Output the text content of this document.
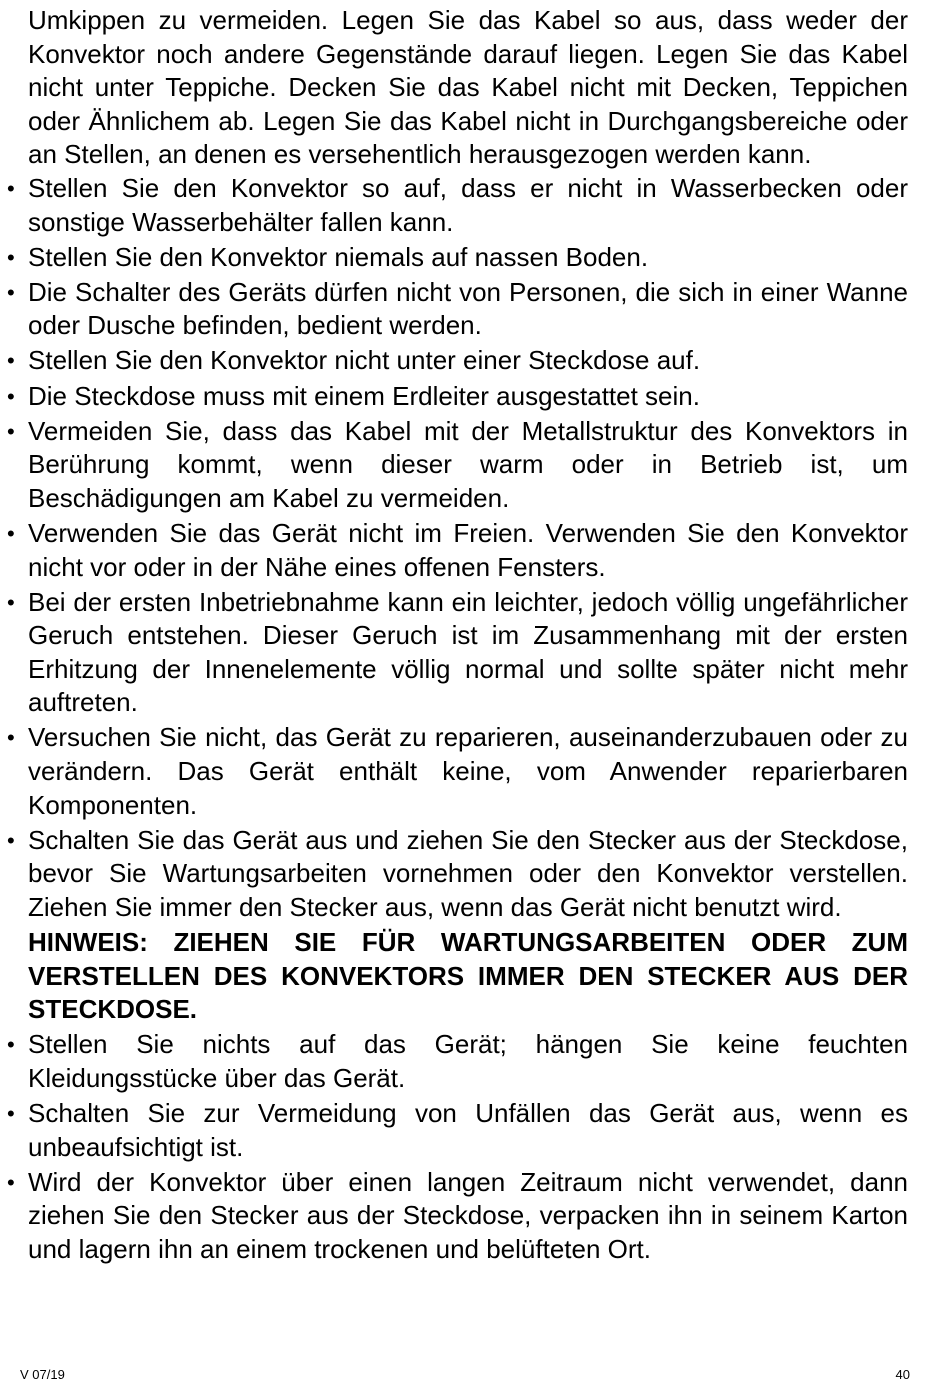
Umkippen zu vermeiden. Legen Sie das Kabel so aus, dass weder der Konvektor noch andere Gegenstände darauf liegen. Legen Sie das Kabel nicht unter Teppiche. Decken Sie das Kabel nicht mit Decken, Teppichen oder Ähnlichem ab. Legen Sie das Kabel nicht in Durchgangsbereiche oder an Stellen, an denen es versehentlich herausgezogen werden kann.

• Stellen Sie den Konvektor so auf, dass er nicht in Wasserbecken oder sonstige Wasserbehälter fallen kann.
• Stellen Sie den Konvektor niemals auf nassen Boden.
• Die Schalter des Geräts dürfen nicht von Personen, die sich in einer Wanne oder Dusche befinden, bedient werden.
• Stellen Sie den Konvektor nicht unter einer Steckdose auf.
• Die Steckdose muss mit einem Erdleiter ausgestattet sein.
• Vermeiden Sie, dass das Kabel mit der Metallstruktur des Konvektors in Berührung kommt, wenn dieser warm oder in Betrieb ist, um Beschädigungen am Kabel zu vermeiden.
• Verwenden Sie das Gerät nicht im Freien. Verwenden Sie den Konvektor nicht vor oder in der Nähe eines offenen Fensters.
• Bei der ersten Inbetriebnahme kann ein leichter, jedoch völlig ungefährlicher Geruch entstehen. Dieser Geruch ist im Zusammenhang mit der ersten Erhitzung der Innenelemente völlig normal und sollte später nicht mehr auftreten.
• Versuchen Sie nicht, das Gerät zu reparieren, auseinanderzubauen oder zu verändern. Das Gerät enthält keine, vom Anwender reparierbaren Komponenten.
• Schalten Sie das Gerät aus und ziehen Sie den Stecker aus der Steckdose, bevor Sie Wartungsarbeiten vornehmen oder den Konvektor verstellen. Ziehen Sie immer den Stecker aus, wenn das Gerät nicht benutzt wird.

HINWEIS: ZIEHEN SIE FÜR WARTUNGSARBEITEN ODER ZUM VERSTELLEN DES KONVEKTORS IMMER DEN STECKER AUS DER STECKDOSE.

• Stellen Sie nichts auf das Gerät; hängen Sie keine feuchten Kleidungsstücke über das Gerät.
• Schalten Sie zur Vermeidung von Unfällen das Gerät aus, wenn es unbeaufsichtigt ist.
• Wird der Konvektor über einen langen Zeitraum nicht verwendet, dann ziehen Sie den Stecker aus der Steckdose, verpacken ihn in seinem Karton und lagern ihn an einem trockenen und belüfteten Ort.
V 07/19	40
